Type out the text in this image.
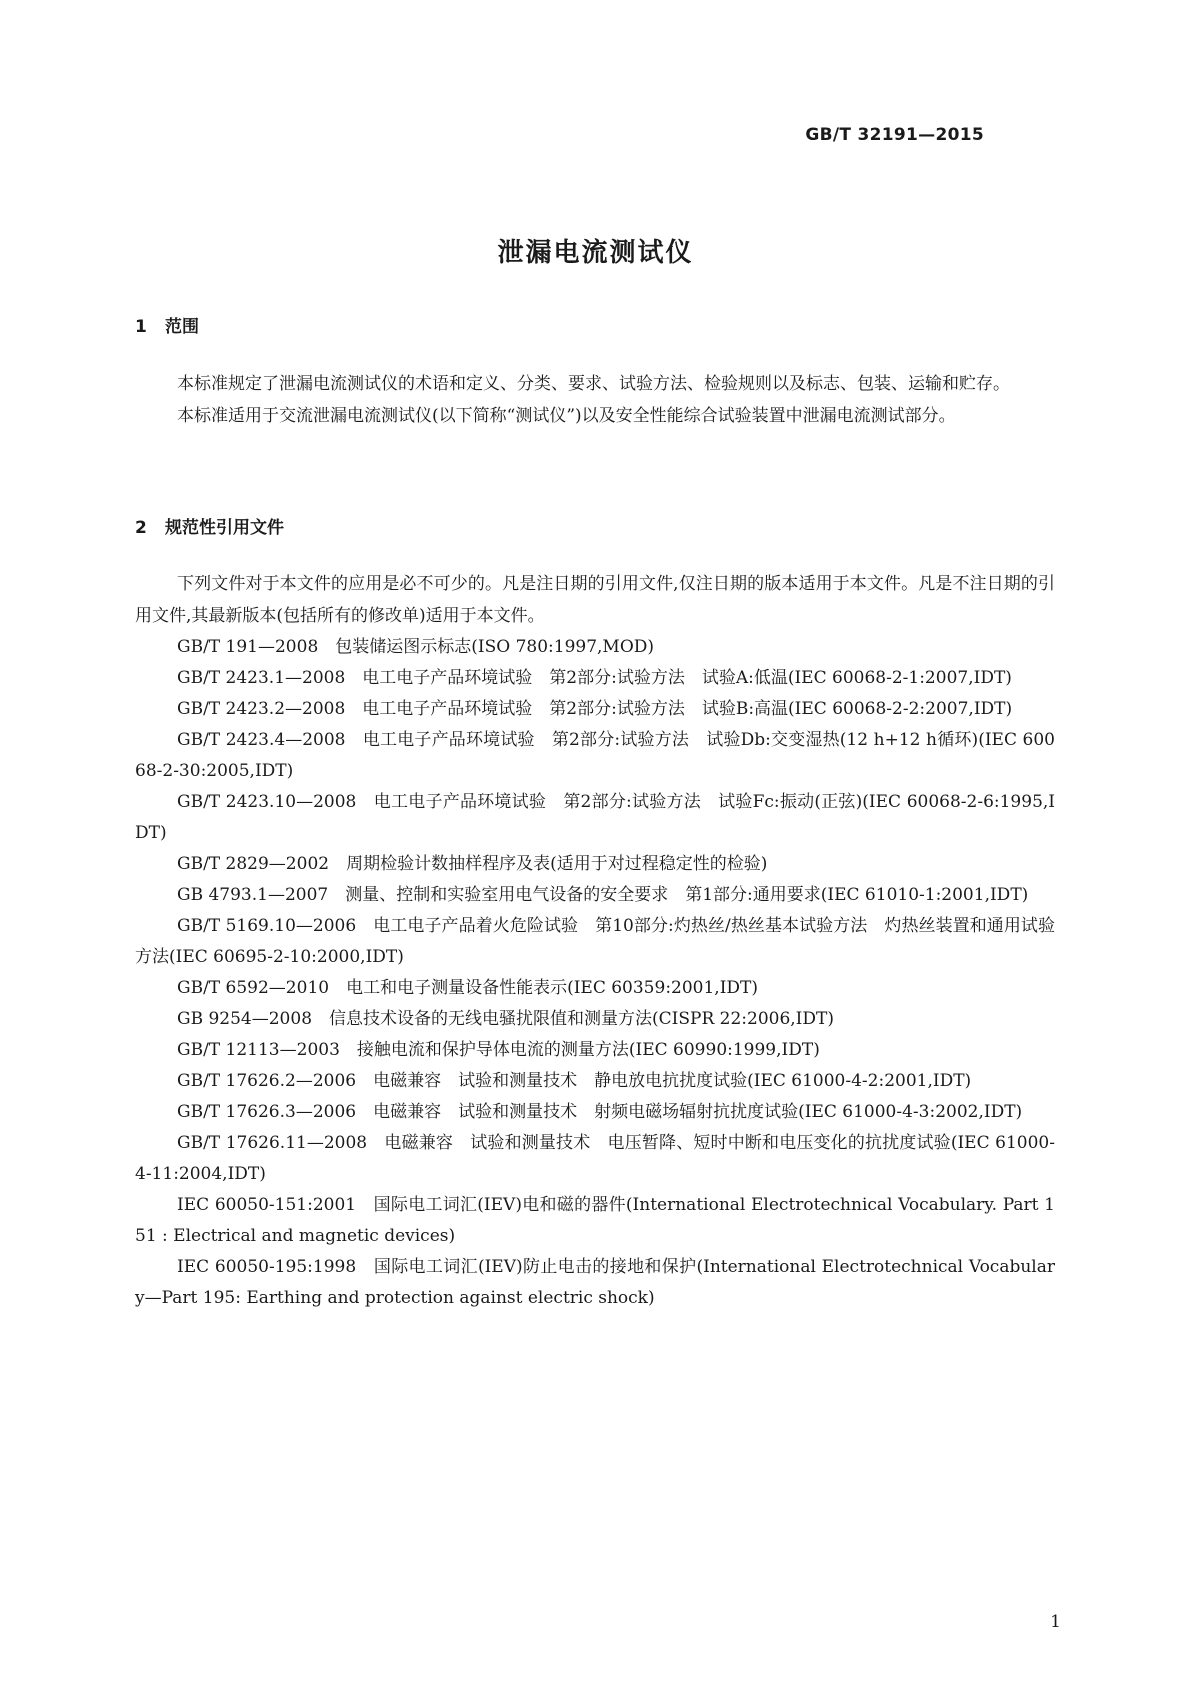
GB/T 32191—2015
泄漏电流测试仪
1 范围

本标准规定了泄漏电流测试仪的术语和定义、分类、要求、试验方法、检验规则以及标志、包装、运输和贮存。

本标准适用于交流泄漏电流测试仪(以下简称“测试仪”)以及安全性能综合试验装置中泄漏电流测试部分。

2 规范性引用文件

下列文件对于本文件的应用是必不可少的。凡是注日期的引用文件,仅注日期的版本适用于本文件。凡是不注日期的引用文件,其最新版本(包括所有的修改单)适用于本文件。

GB/T 191—2008　包装储运图示标志(ISO 780:1997,MOD)

GB/T 2423.1—2008　电工电子产品环境试验　第2部分:试验方法　试验A:低温(IEC 60068-2-1:2007,IDT)

GB/T 2423.2—2008　电工电子产品环境试验　第2部分:试验方法　试验B:高温(IEC 60068-2-2:2007,IDT)

GB/T 2423.4—2008　电工电子产品环境试验　第2部分:试验方法　试验Db:交变湿热(12 h+12 h循环)(IEC 60068-2-30:2005,IDT)

GB/T 2423.10—2008　电工电子产品环境试验　第2部分:试验方法　试验Fc:振动(正弦)(IEC 60068-2-6:1995,IDT)

GB/T 2829—2002　周期检验计数抽样程序及表(适用于对过程稳定性的检验)

GB 4793.1—2007　测量、控制和实验室用电气设备的安全要求　第1部分:通用要求(IEC 61010-1:2001,IDT)

GB/T 5169.10—2006　电工电子产品着火危险试验　第10部分:灼热丝/热丝基本试验方法　灼热丝装置和通用试验方法(IEC 60695-2-10:2000,IDT)

GB/T 6592—2010　电工和电子测量设备性能表示(IEC 60359:2001,IDT)

GB 9254—2008　信息技术设备的无线电骚扰限值和测量方法(CISPR 22:2006,IDT)

GB/T 12113—2003　接触电流和保护导体电流的测量方法(IEC 60990:1999,IDT)

GB/T 17626.2—2006　电磁兼容　试验和测量技术　静电放电抗扰度试验(IEC 61000-4-2:2001,IDT)

GB/T 17626.3—2006　电磁兼容　试验和测量技术　射频电磁场辐射抗扰度试验(IEC 61000-4-3:2002,IDT)

GB/T 17626.11—2008　电磁兼容　试验和测量技术　电压暂降、短时中断和电压变化的抗扰度试验(IEC 61000-4-11:2004,IDT)

IEC 60050-151:2001　国际电工词汇(IEV)电和磁的器件(International Electrotechnical Vocabulary. Part 151 : Electrical and magnetic devices)

IEC 60050-195:1998　国际电工词汇(IEV)防止电击的接地和保护(International Electrotechnical Vocabulary—Part 195: Earthing and protection against electric shock)

1
